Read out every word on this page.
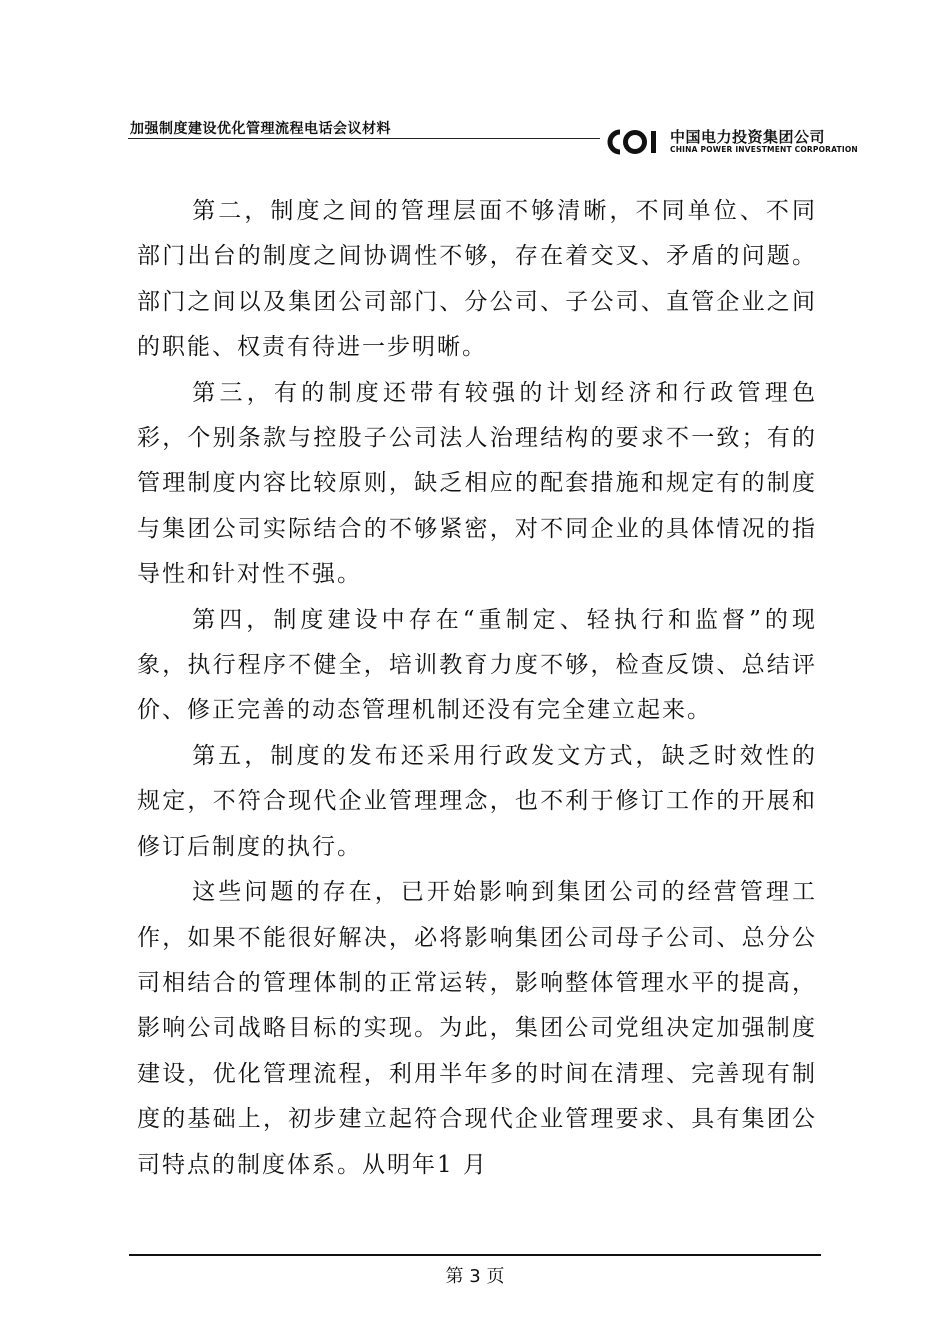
加强制度建设优化管理流程电话会议材料	中国电力投资集团公司
CHINA POWER INVESTMENT CORPORATION

第二，制度之间的管理层面不够清晰，不同单位、不同部门出台的制度之间协调性不够，存在着交叉、矛盾的问题。部门之间以及集团公司部门、分公司、子公司、直管企业之间的职能、权责有待进一步明晰。

第三，有的制度还带有较强的计划经济和行政管理色彩，个别条款与控股子公司法人治理结构的要求不一致；有的管理制度内容比较原则，缺乏相应的配套措施和规定有的制度与集团公司实际结合的不够紧密，对不同企业的具体情况的指导性和针对性不强。

第四，制度建设中存在“重制定、轻执行和监督”的现象，执行程序不健全，培训教育力度不够，检查反馈、总结评价、修正完善的动态管理机制还没有完全建立起来。

第五，制度的发布还采用行政发文方式，缺乏时效性的规定，不符合现代企业管理理念，也不利于修订工作的开展和修订后制度的执行。

这些问题的存在，已开始影响到集团公司的经营管理工作，如果不能很好解决，必将影响集团公司母子公司、总分公司相结合的管理体制的正常运转，影响整体管理水平的提高，影响公司战略目标的实现。为此，集团公司党组决定加强制度建设，优化管理流程，利用半年多的时间在清理、完善现有制度的基础上，初步建立起符合现代企业管理要求、具有集团公司特点的制度体系。从明年1 月

第 3 页
